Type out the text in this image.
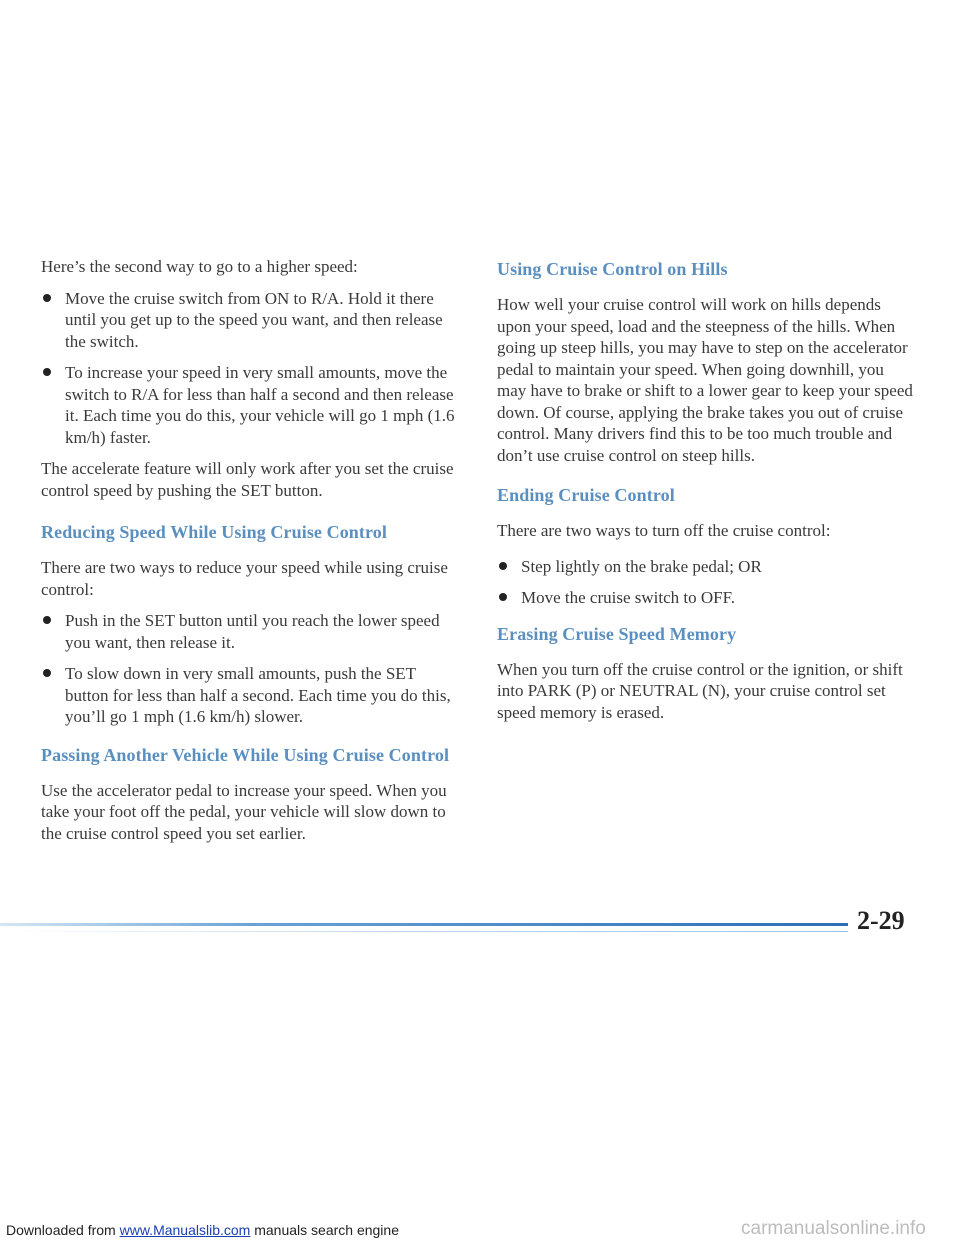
Here’s the second way to go to a higher speed:

Move the cruise switch from ON to R/A. Hold it there until you get up to the speed you want, and then release the switch.
To increase your speed in very small amounts, move the switch to R/A for less than half a second and then release it. Each time you do this, your vehicle will go 1 mph (1.6 km/h) faster.

The accelerate feature will only work after you set the cruise control speed by pushing the SET button.

Reducing Speed While Using Cruise Control

There are two ways to reduce your speed while using cruise control:

Push in the SET button until you reach the lower speed you want, then release it.
To slow down in very small amounts, push the SET button for less than half a second. Each time you do this, you’ll go 1 mph (1.6 km/h) slower.
Passing Another Vehicle While Using Cruise Control

Use the accelerator pedal to increase your speed. When you take your foot off the pedal, your vehicle will slow down to the cruise control speed you set earlier.

Using Cruise Control on Hills

How well your cruise control will work on hills depends upon your speed, load and the steepness of the hills. When going up steep hills, you may have to step on the accelerator pedal to maintain your speed. When going downhill, you may have to brake or shift to a lower gear to keep your speed down. Of course, applying the brake takes you out of cruise control. Many drivers find this to be too much trouble and don’t use cruise control on steep hills.

Ending Cruise Control

There are two ways to turn off the cruise control:

Step lightly on the brake pedal; OR
Move the cruise switch to OFF.
Erasing Cruise Speed Memory

When you turn off the cruise control or the ignition, or shift into PARK (P) or NEUTRAL (N), your cruise control set speed memory is erased.

2-29
Downloaded from www.Manualslib.com manuals search engine	carmanualsonline.info
